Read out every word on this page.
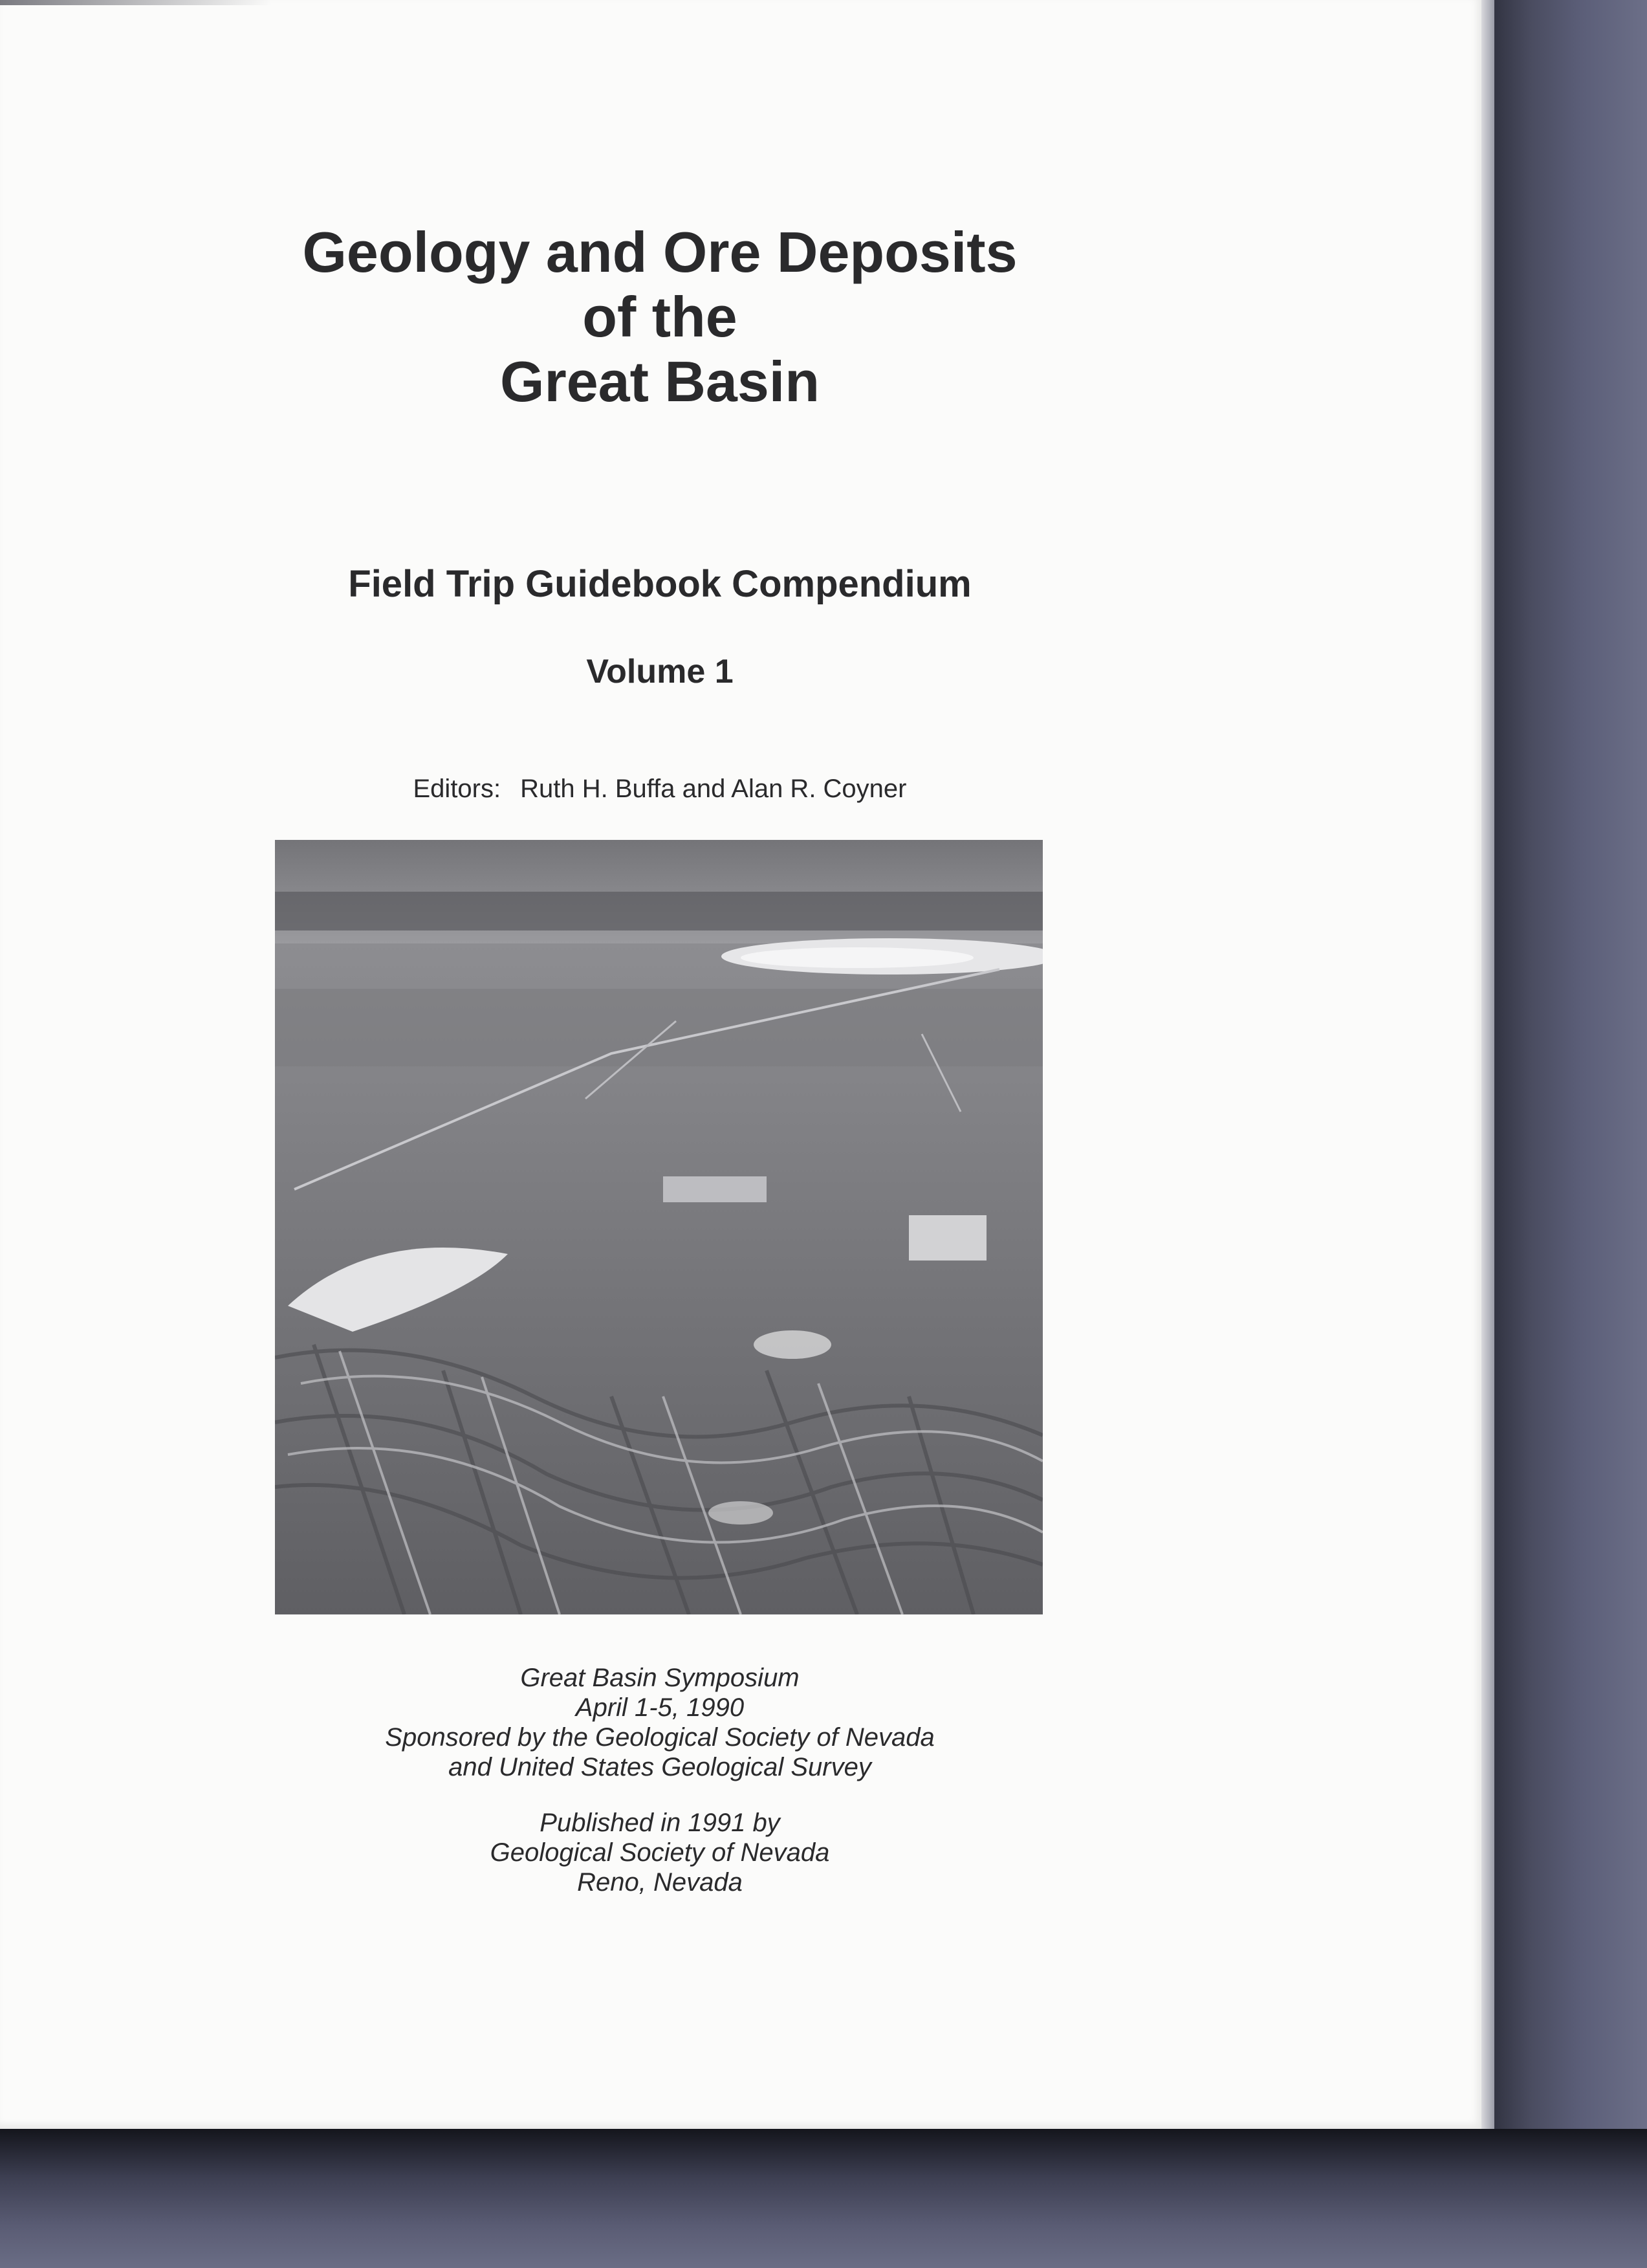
Geology and Ore Deposits
of the
Great Basin
Field Trip Guidebook Compendium
Volume 1
Editors: Ruth H. Buffa and Alan R. Coyner
Great Basin Symposium
April 1-5, 1990
Sponsored by the Geological Society of Nevada
and United States Geological Survey
Published in 1991 by
Geological Society of Nevada
Reno, Nevada
